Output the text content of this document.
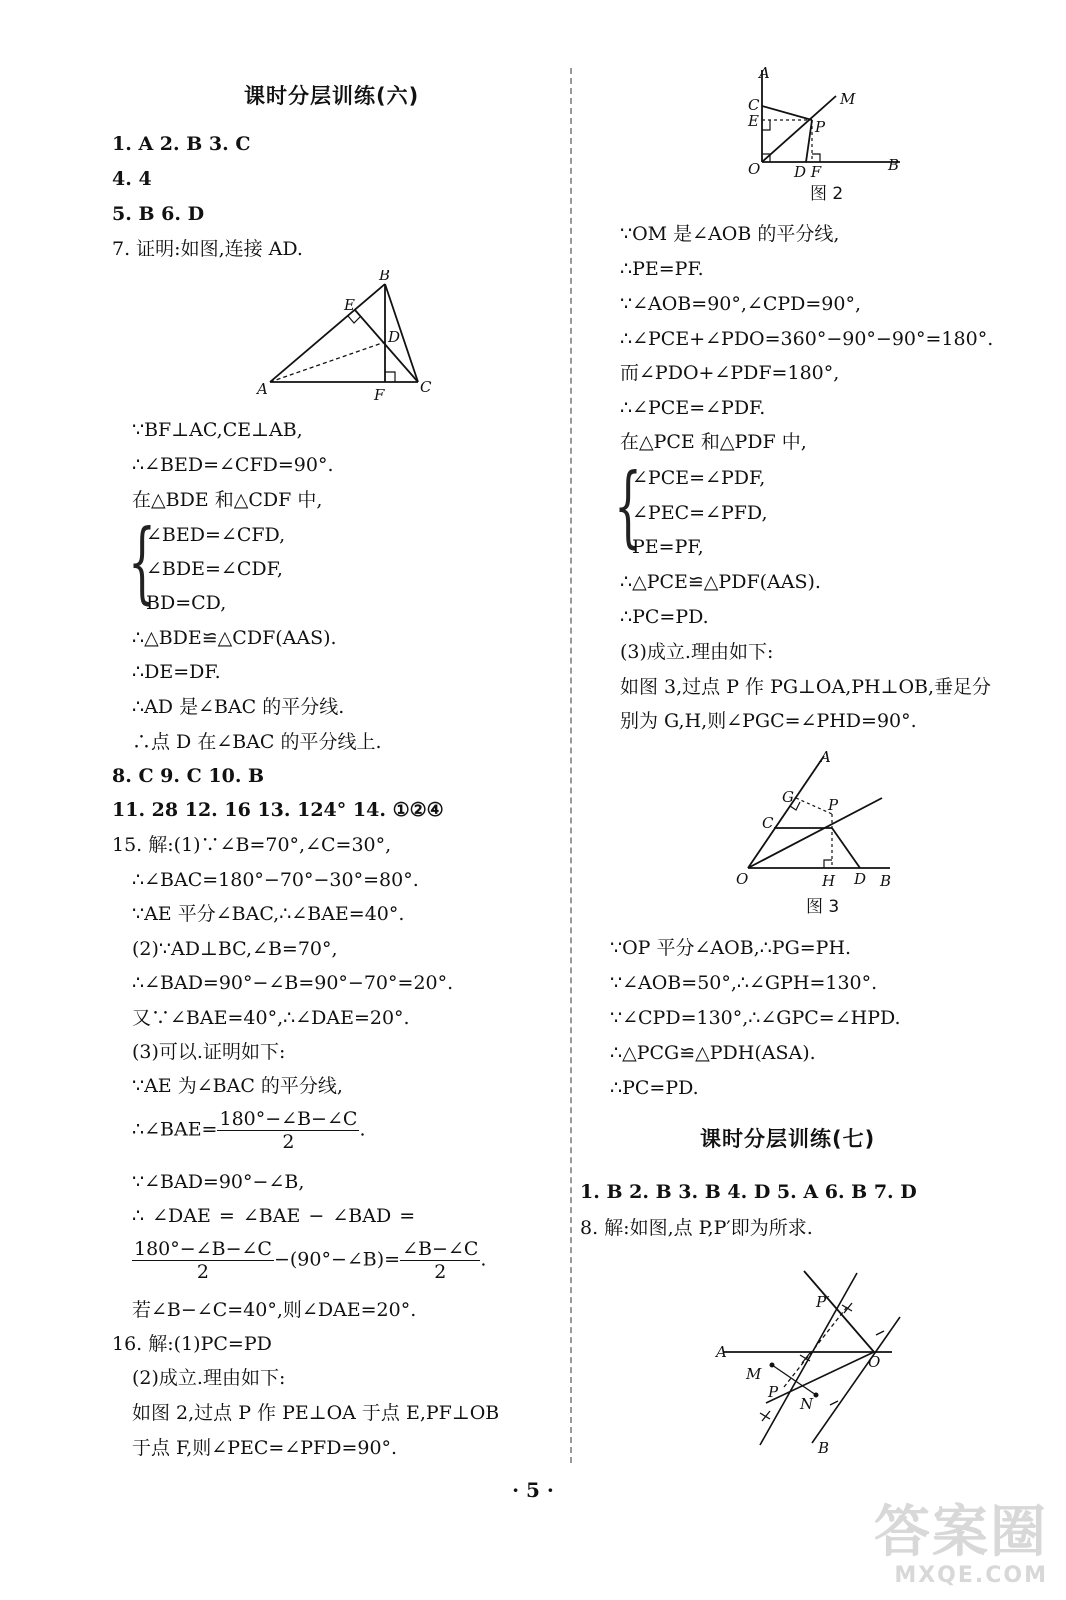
课时分层训练(六)
1. A 2. B 3. C
4. 4
5. B 6. D
7. 证明:如图,连接 AD.
A
B
C
D
E
F
∵BF⊥AC,CE⊥AB,
∴∠BED=∠CFD=90°.
在△BDE 和△CDF 中,
{
∠BED=∠CFD,
∠BDE=∠CDF,
BD=CD,
∴△BDE≌△CDF(AAS).
∴DE=DF.
∴AD 是∠BAC 的平分线.
∴点 D 在∠BAC 的平分线上.
8. C 9. C 10. B
11. 28 12. 16 13. 124° 14. ①②④
15. 解:(1)∵∠B=70°,∠C=30°,
∴∠BAC=180°−70°−30°=80°.
∵AE 平分∠BAC,∴∠BAE=40°.
(2)∵AD⊥BC,∠B=70°,
∴∠BAD=90°−∠B=90°−70°=20°.
又∵∠BAE=40°,∴∠DAE=20°.
(3)可以.证明如下:
∵AE 为∠BAC 的平分线,
∴∠BAE= $\frac{180^\circ-\angle B-\angle C}{2}$ .
∵∠BAD=90°−∠B,
∴ ∠DAE = ∠BAE − ∠BAD =
$\frac{180^\circ-\angle B-\angle C}{2}$ −(90°−∠B)= $\frac{\angle B-\angle C}{2}$ .
若∠B−∠C=40°,则∠DAE=20°.
16. 解:(1)PC=PD
(2)成立.理由如下:
如图 2,过点 P 作 PE⊥OA 于点 E,PF⊥OB
于点 F,则∠PEC=∠PFD=90°.
A
M
C
E	P
O D F	B
图 2
∵OM 是∠AOB 的平分线,
∴PE=PF.
∵∠AOB=90°,∠CPD=90°,
∴∠PCE+∠PDO=360°−90°−90°=180°.
而∠PDO+∠PDF=180°,
∴∠PCE=∠PDF.
在△PCE 和△PDF 中,
{
∠PCE=∠PDF,
∠PEC=∠PFD,
PE=PF,
∴△PCE≌△PDF(AAS).
∴PC=PD.
(3)成立.理由如下:
如图 3,过点 P 作 PG⊥OA,PH⊥OB,垂足分
别为 G,H,则∠PGC=∠PHD=90°.
A
G
C
P
O	H D B
图 3
∵OP 平分∠AOB,∴PG=PH.
∵∠AOB=50°,∴∠GPH=130°.
∵∠CPD=130°,∴∠GPC=∠HPD.
∴△PCG≌△PDH(ASA).
∴PC=PD.
课时分层训练(七)
1. B 2. B 3. B 4. D 5. A 6. B 7. D
8. 解:如图,点 P,P′即为所求.
P′
A
O
M
P
N
B
· 5 ·
答案圈
MXQE.COM
